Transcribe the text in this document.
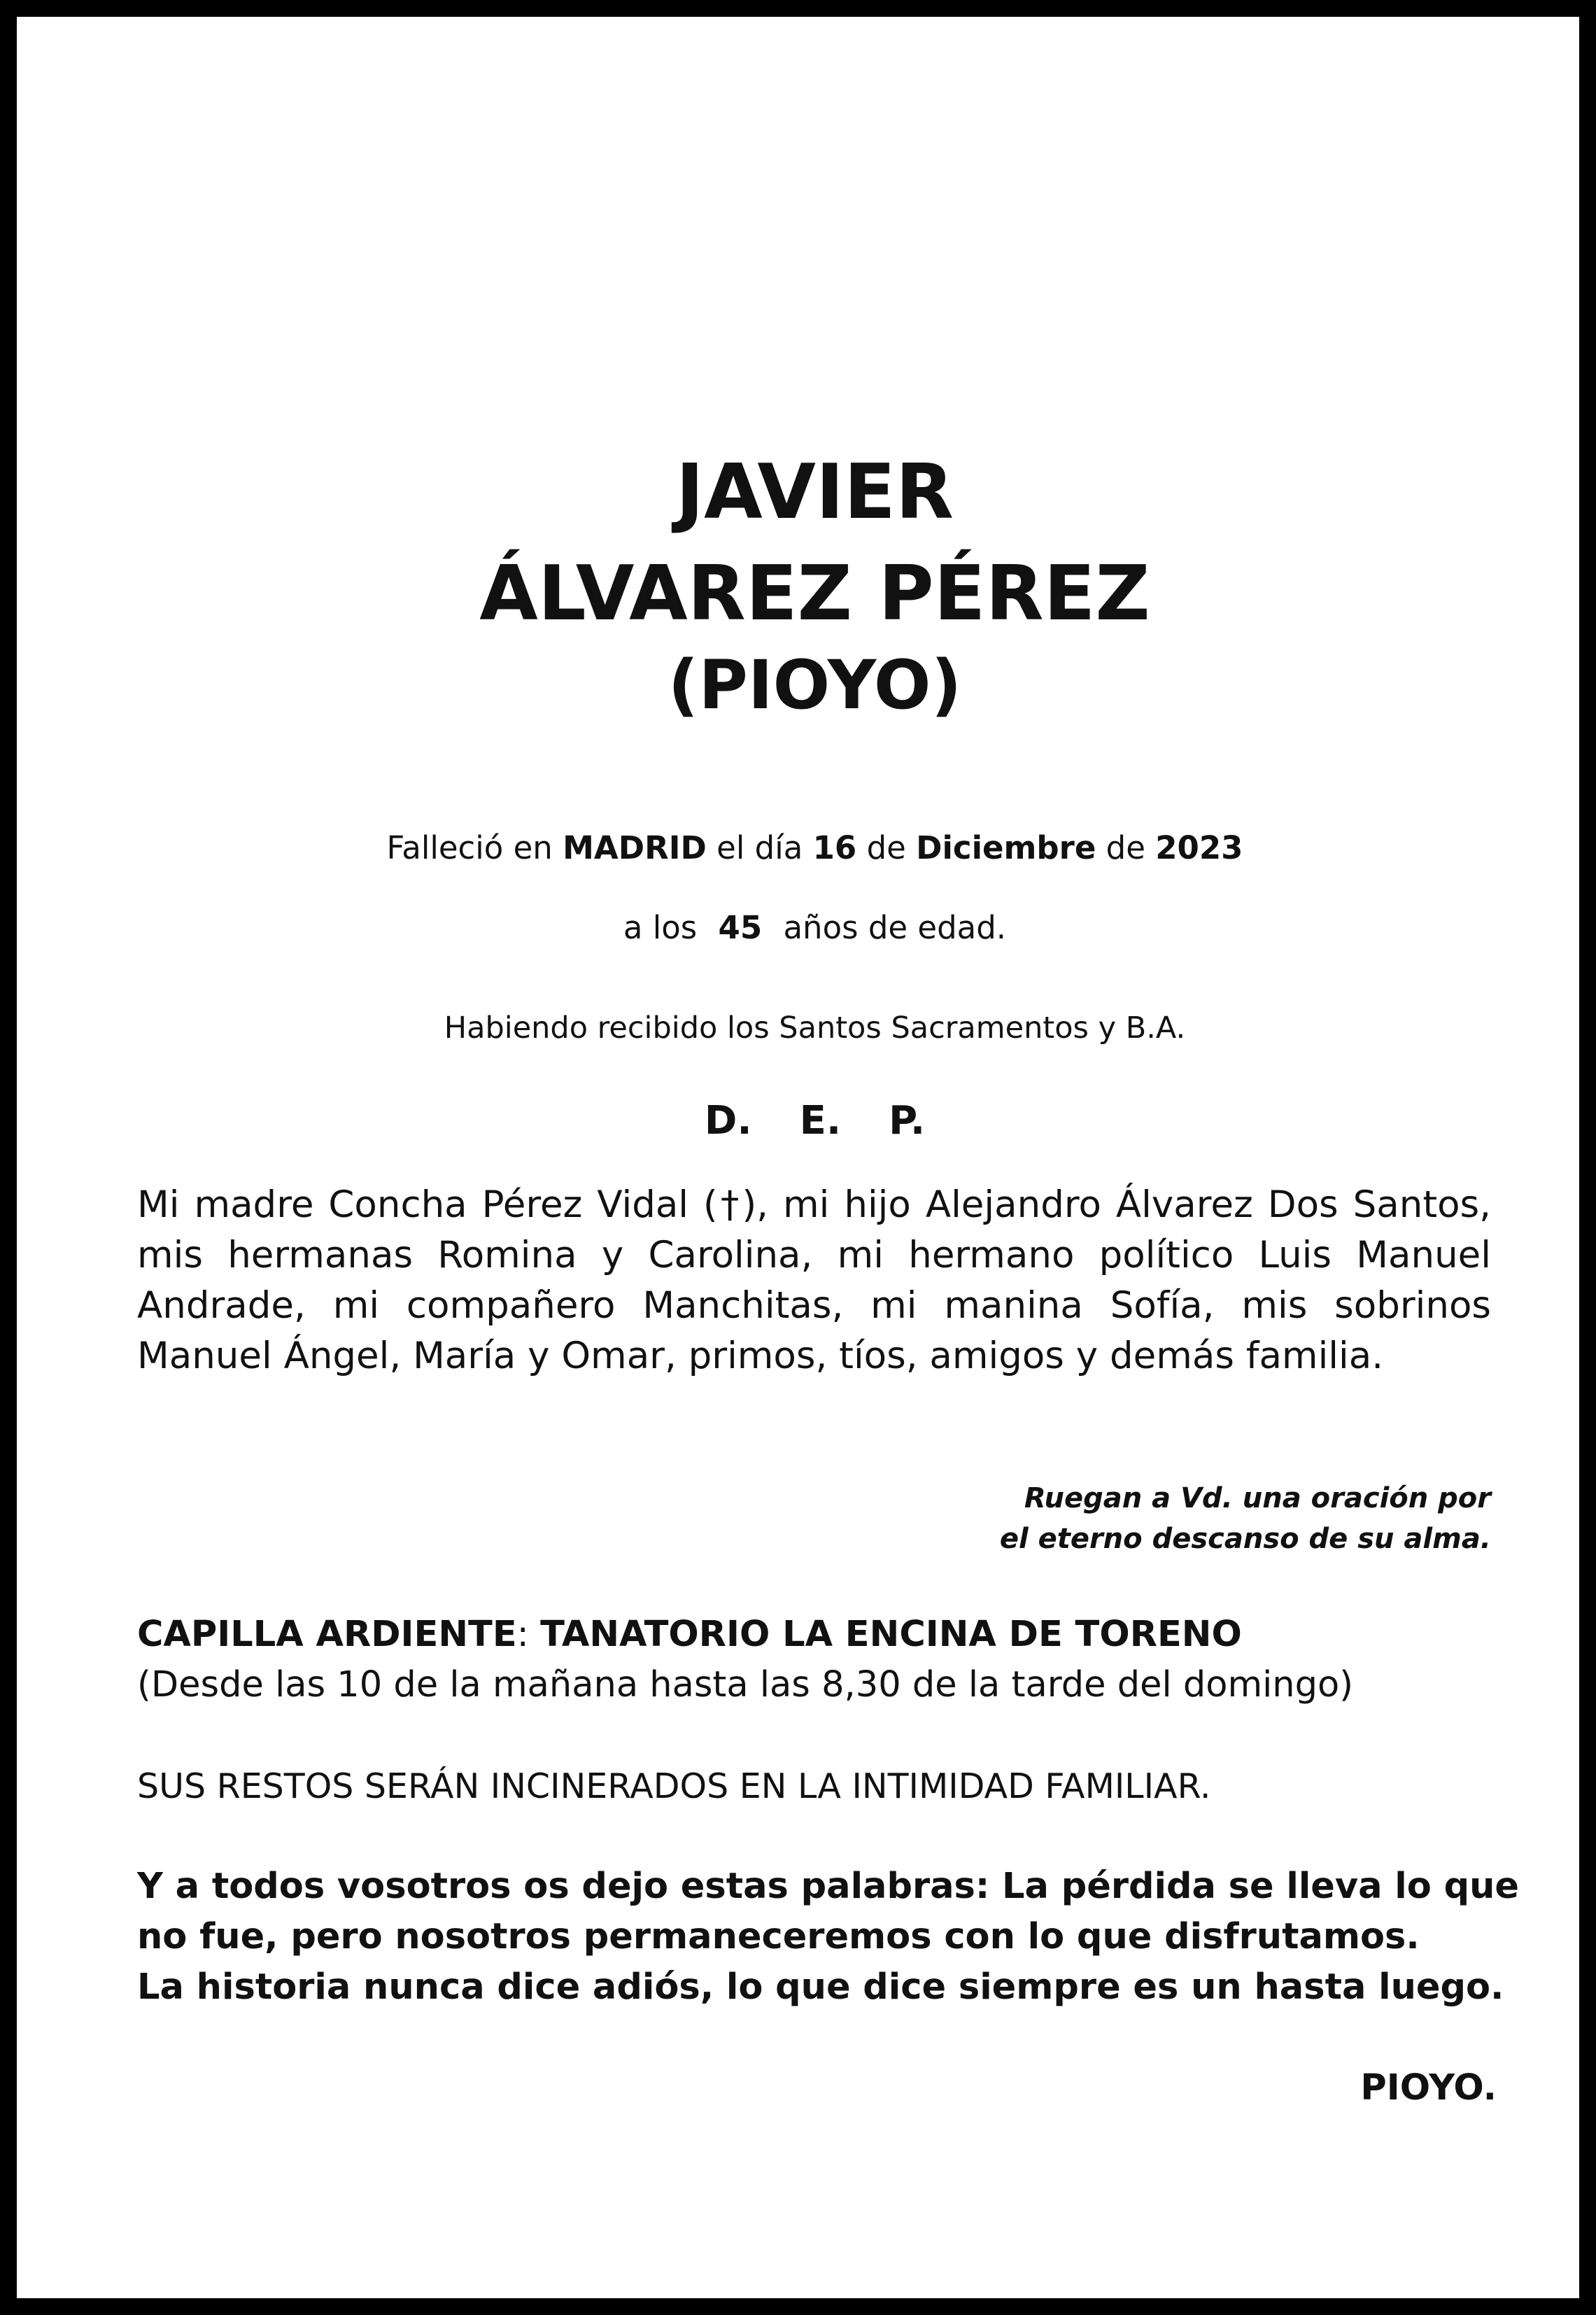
JAVIER
ÁLVAREZ PÉREZ
(PIOYO)
Falleció en MADRID el día 16 de Diciembre de 2023
a los 45 años de edad.
Habiendo recibido los Santos Sacramentos y B.A.
D. E. P.
Mi madre Concha Pérez Vidal (†), mi hijo Alejandro Álvarez Dos Santos, mis hermanas Romina y Carolina, mi hermano político Luis Manuel Andrade, mi compañero Manchitas, mi manina Sofía, mis sobrinos Manuel Ángel, María y Omar, primos, tíos, amigos y demás familia.
Ruegan a Vd. una oración por
el eterno descanso de su alma.
CAPILLA ARDIENTE: TANATORIO LA ENCINA DE TORENO
(Desde las 10 de la mañana hasta las 8,30 de la tarde del domingo)
SUS RESTOS SERÁN INCINERADOS EN LA INTIMIDAD FAMILIAR.
Y a todos vosotros os dejo estas palabras: La pérdida se lleva lo que
no fue, pero nosotros permaneceremos con lo que disfrutamos.
La historia nunca dice adiós, lo que dice siempre es un hasta luego.
PIOYO.
